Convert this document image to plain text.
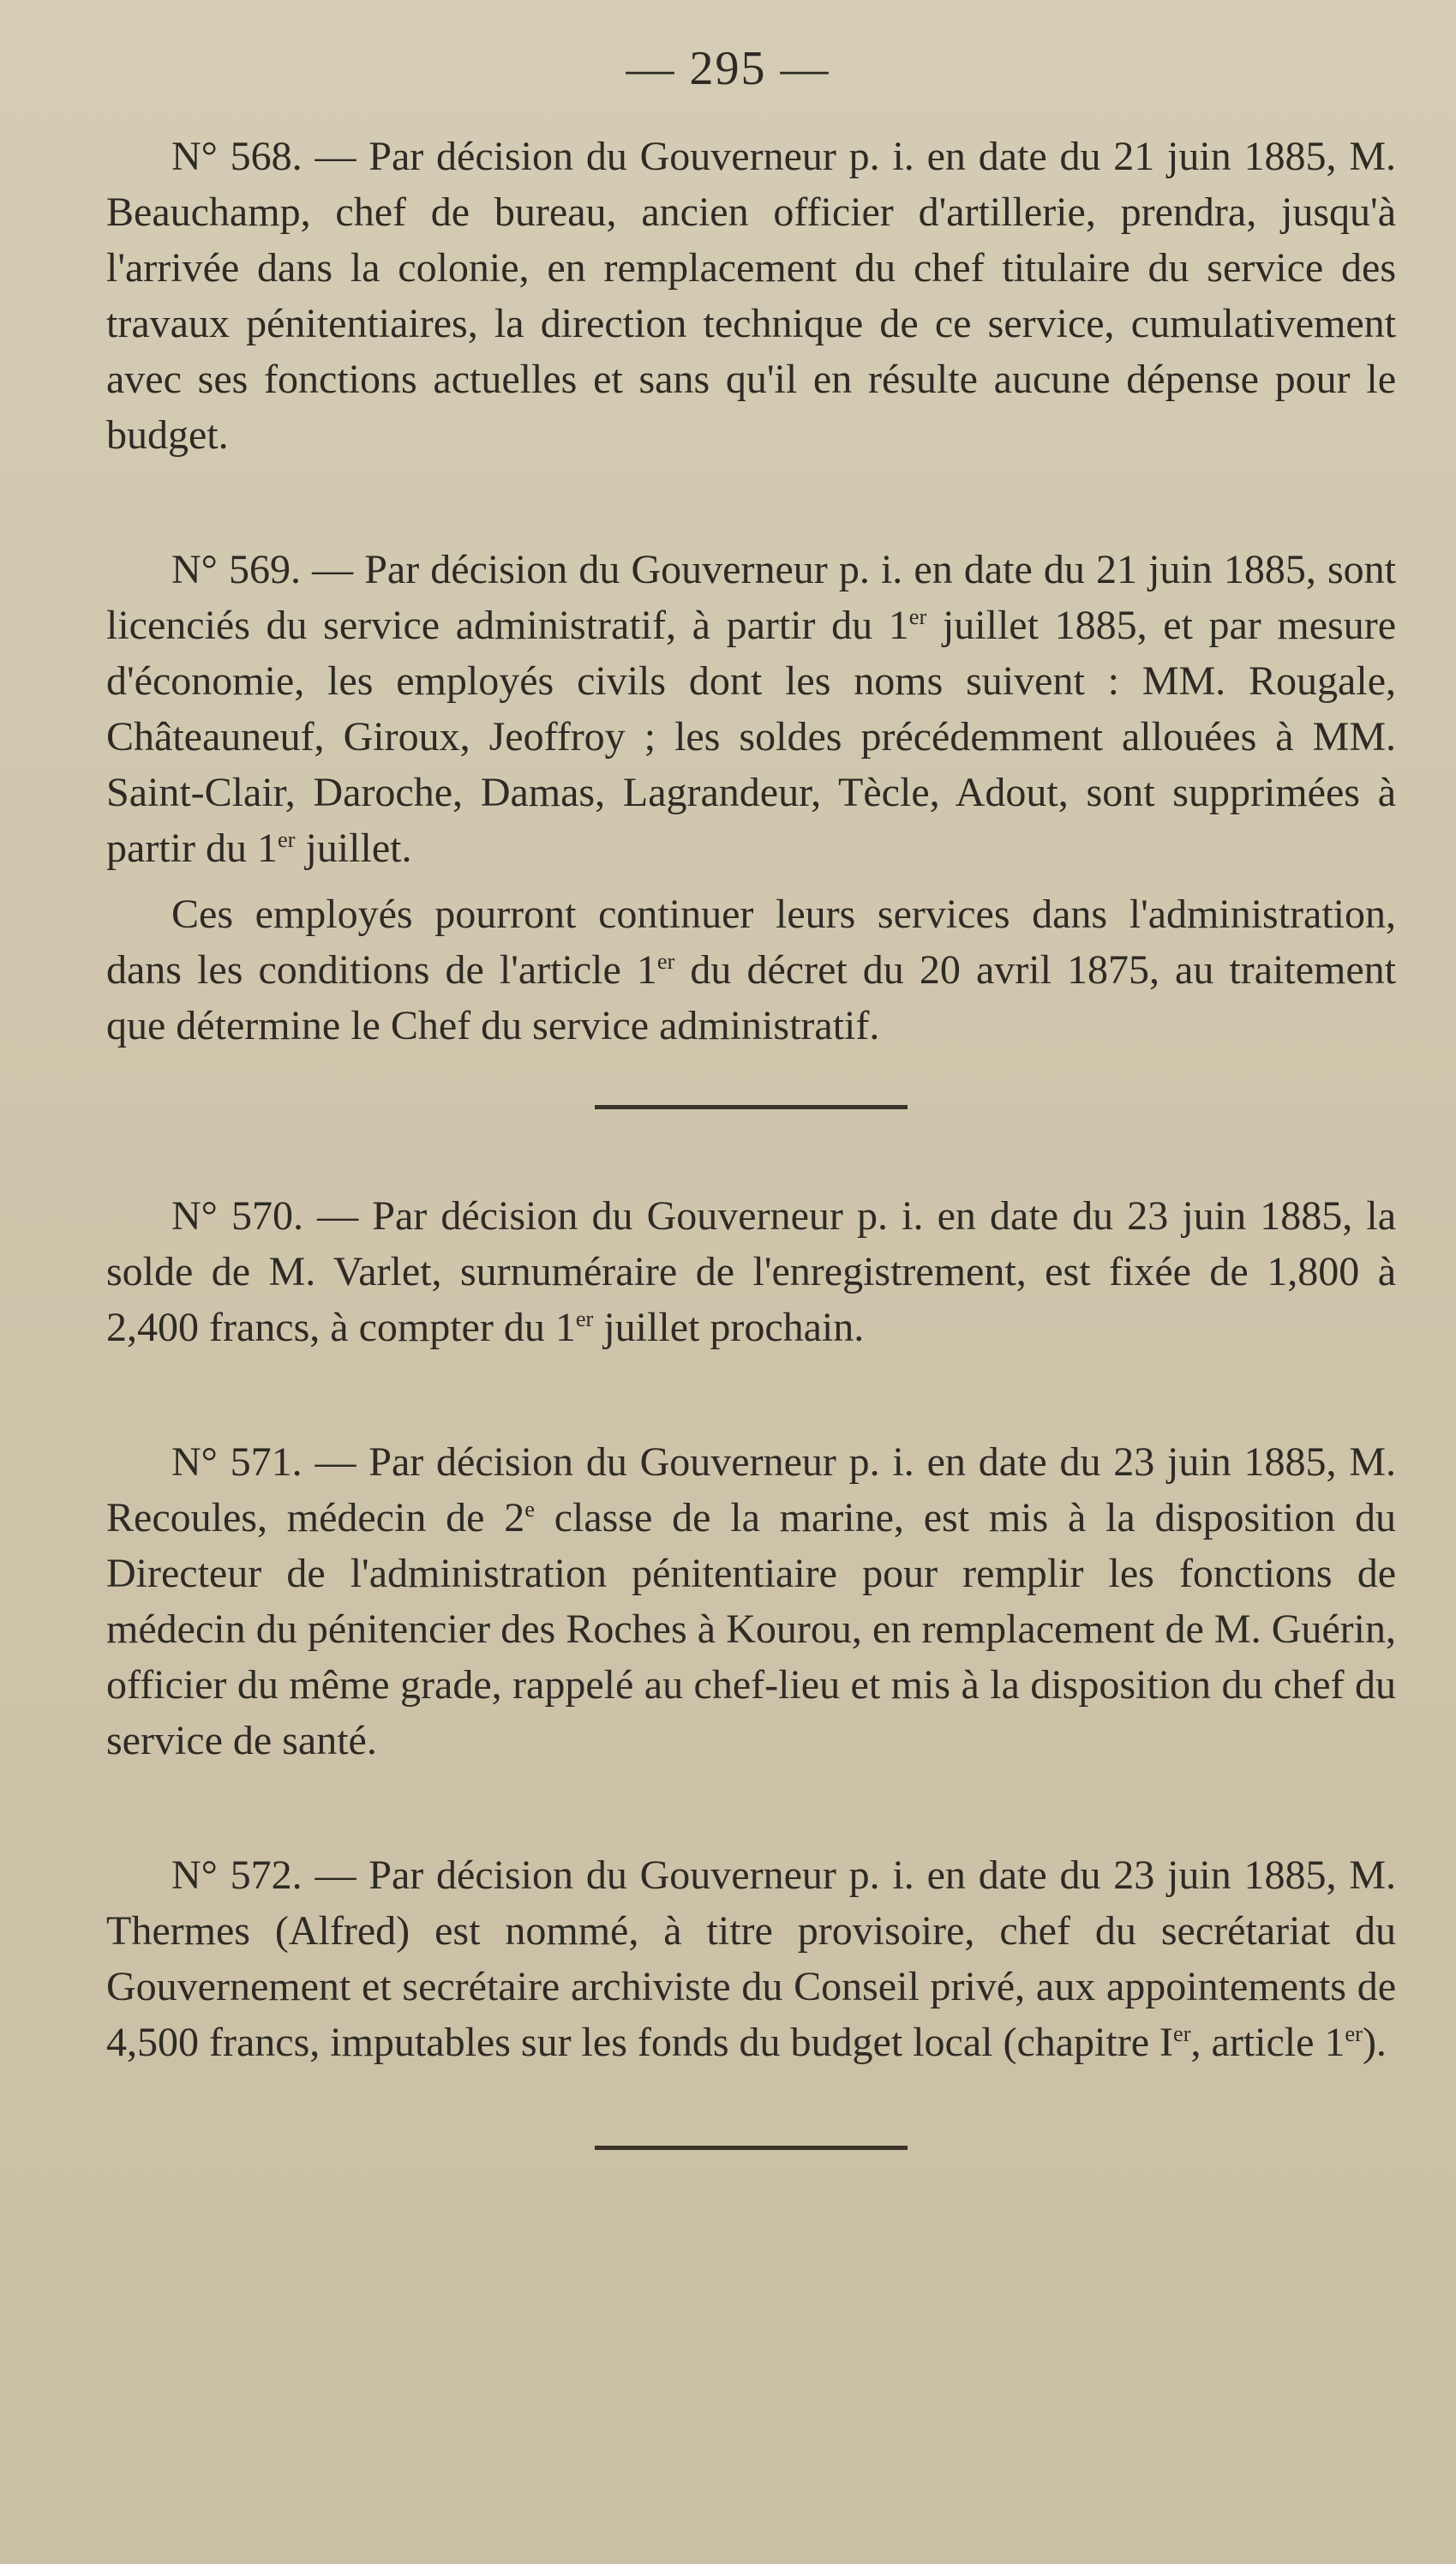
— 295 —

N° 568. — Par décision du Gouverneur p. i. en date du 21 juin 1885, M. Beauchamp, chef de bureau, ancien officier d'artillerie, prendra, jusqu'à l'arrivée dans la colonie, en remplacement du chef titulaire du service des travaux pénitentiaires, la direction technique de ce service, cumulativement avec ses fonctions actuelles et sans qu'il en résulte aucune dépense pour le budget.

N° 569. — Par décision du Gouverneur p. i. en date du 21 juin 1885, sont licenciés du service administratif, à partir du 1er juillet 1885, et par mesure d'économie, les employés civils dont les noms suivent : MM. Rougale, Châteauneuf, Giroux, Jeoffroy ; les soldes précédemment allouées à MM. Saint-Clair, Daroche, Damas, Lagrandeur, Tècle, Adout, sont supprimées à partir du 1er juillet.

Ces employés pourront continuer leurs services dans l'administration, dans les conditions de l'article 1er du décret du 20 avril 1875, au traitement que détermine le Chef du service administratif.

N° 570. — Par décision du Gouverneur p. i. en date du 23 juin 1885, la solde de M. Varlet, surnuméraire de l'enregistrement, est fixée de 1,800 à 2,400 francs, à compter du 1er juillet prochain.

N° 571. — Par décision du Gouverneur p. i. en date du 23 juin 1885, M. Recoules, médecin de 2e classe de la marine, est mis à la disposition du Directeur de l'administration pénitentiaire pour remplir les fonctions de médecin du pénitencier des Roches à Kourou, en remplacement de M. Guérin, officier du même grade, rappelé au chef-lieu et mis à la disposition du chef du service de santé.

N° 572. — Par décision du Gouverneur p. i. en date du 23 juin 1885, M. Thermes (Alfred) est nommé, à titre provisoire, chef du secrétariat du Gouvernement et secrétaire archiviste du Conseil privé, aux appointements de 4,500 francs, imputables sur les fonds du budget local (chapitre Ier, article 1er).
